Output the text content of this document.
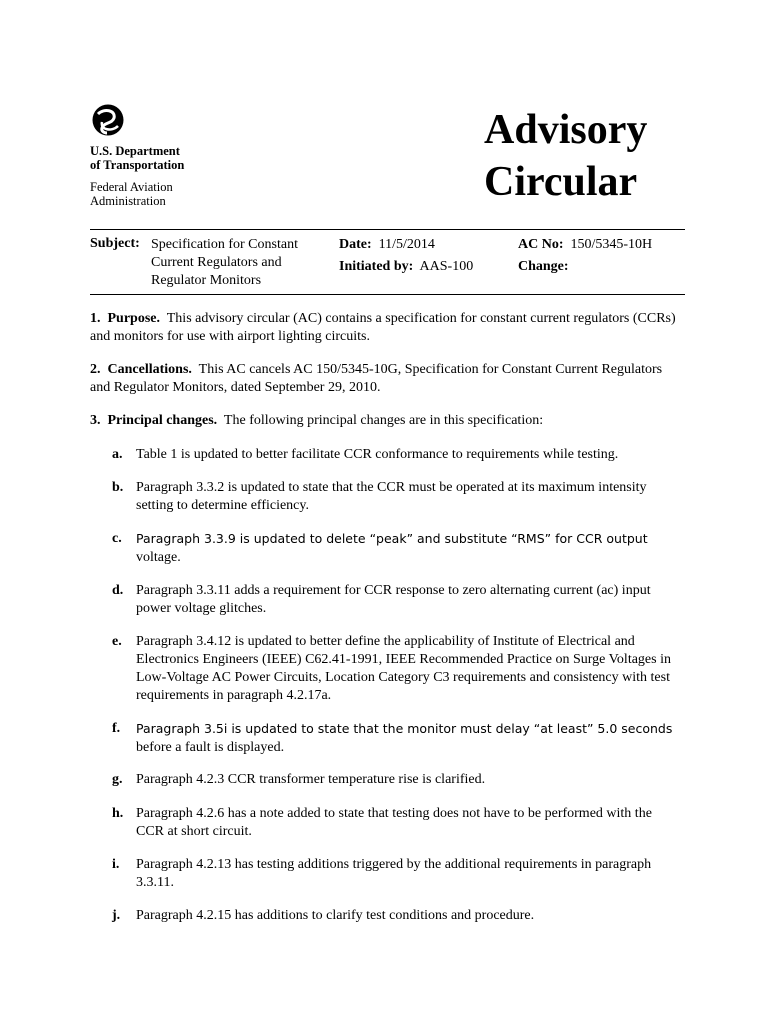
U.S. Department
of Transportation
Federal Aviation
Administration
Advisory
Circular
Subject: Specification for Constant
Current Regulators and
Regulator Monitors
Date: 11/5/2014
Initiated by: AAS-100
AC No: 150/5345-10H
Change:
1. Purpose. This advisory circular (AC) contains a specification for constant current regulators (CCRs) and monitors for use with airport lighting circuits.
2. Cancellations. This AC cancels AC 150/5345-10G, Specification for Constant Current Regulators and Regulator Monitors, dated September 29, 2010.
3. Principal changes. The following principal changes are in this specification:
a. Table 1 is updated to better facilitate CCR conformance to requirements while testing.
b. Paragraph 3.3.2 is updated to state that the CCR must be operated at its maximum intensity setting to determine efficiency.
c. Paragraph 3.3.9 is updated to delete “peak” and substitute “RMS” for CCR output
voltage.
d. Paragraph 3.3.11 adds a requirement for CCR response to zero alternating current (ac) input power voltage glitches.
e. Paragraph 3.4.12 is updated to better define the applicability of Institute of Electrical and Electronics Engineers (IEEE) C62.41-1991, IEEE Recommended Practice on Surge Voltages in Low-Voltage AC Power Circuits, Location Category C3 requirements and consistency with test requirements in paragraph 4.2.17a.
f. Paragraph 3.5i is updated to state that the monitor must delay “at least” 5.0 seconds
before a fault is displayed.
g. Paragraph 4.2.3 CCR transformer temperature rise is clarified.
h. Paragraph 4.2.6 has a note added to state that testing does not have to be performed with the CCR at short circuit.
i. Paragraph 4.2.13 has testing additions triggered by the additional requirements in paragraph 3.3.11.
j. Paragraph 4.2.15 has additions to clarify test conditions and procedure.
